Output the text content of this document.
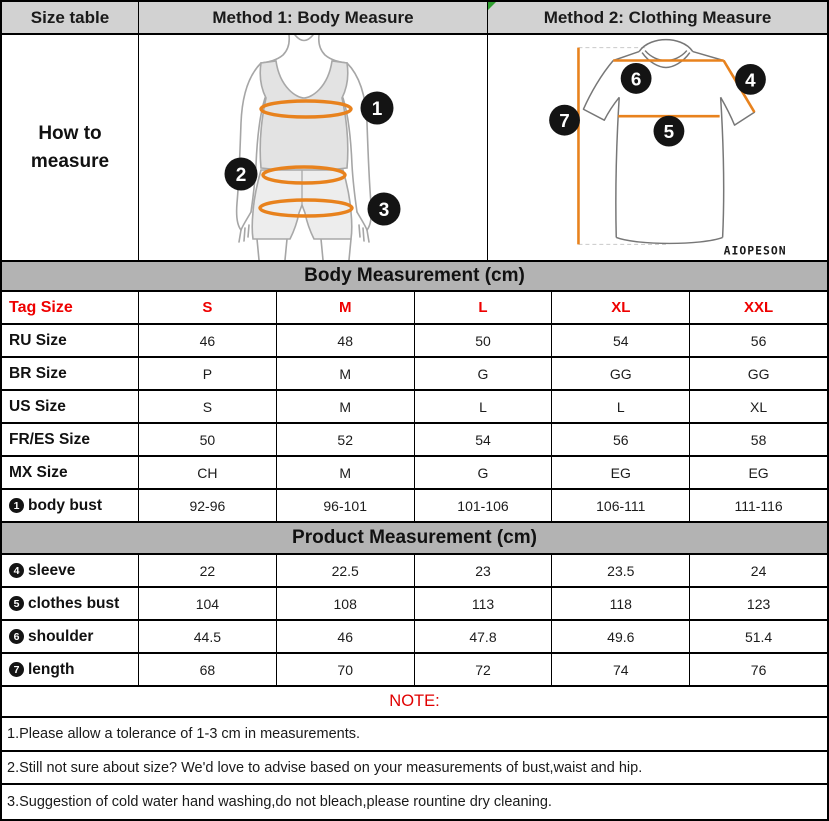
Size table	Method 1: Body Measure	Method 2: Clothing Measure
How to measure
1
2
3
6	4
7
5
AIOPESON
Body Measurement (cm)
Tag Size	S	M	L	XL	XXL
RU Size	46	48	50	54	56
BR Size	P	M	G	GG	GG
US Size	S	M	L	L	XL
FR/ES Size	50	52	54	56	58
MX Size	CH	M	G	EG	EG
1 body bust	92-96	96-101	101-106	106-111	111-116
Product Measurement (cm)
4 sleeve	22	22.5	23	23.5	24
5 clothes bust	104	108	113	118	123
6 shoulder	44.5	46	47.8	49.6	51.4
7 length	68	70	72	74	76
NOTE:
1.Please allow a tolerance of 1-3 cm in measurements.
2.Still not sure about size? We'd love to advise based on your measurements of bust,waist and hip.
3.Suggestion of cold water hand washing,do not bleach,please rountine dry cleaning.
